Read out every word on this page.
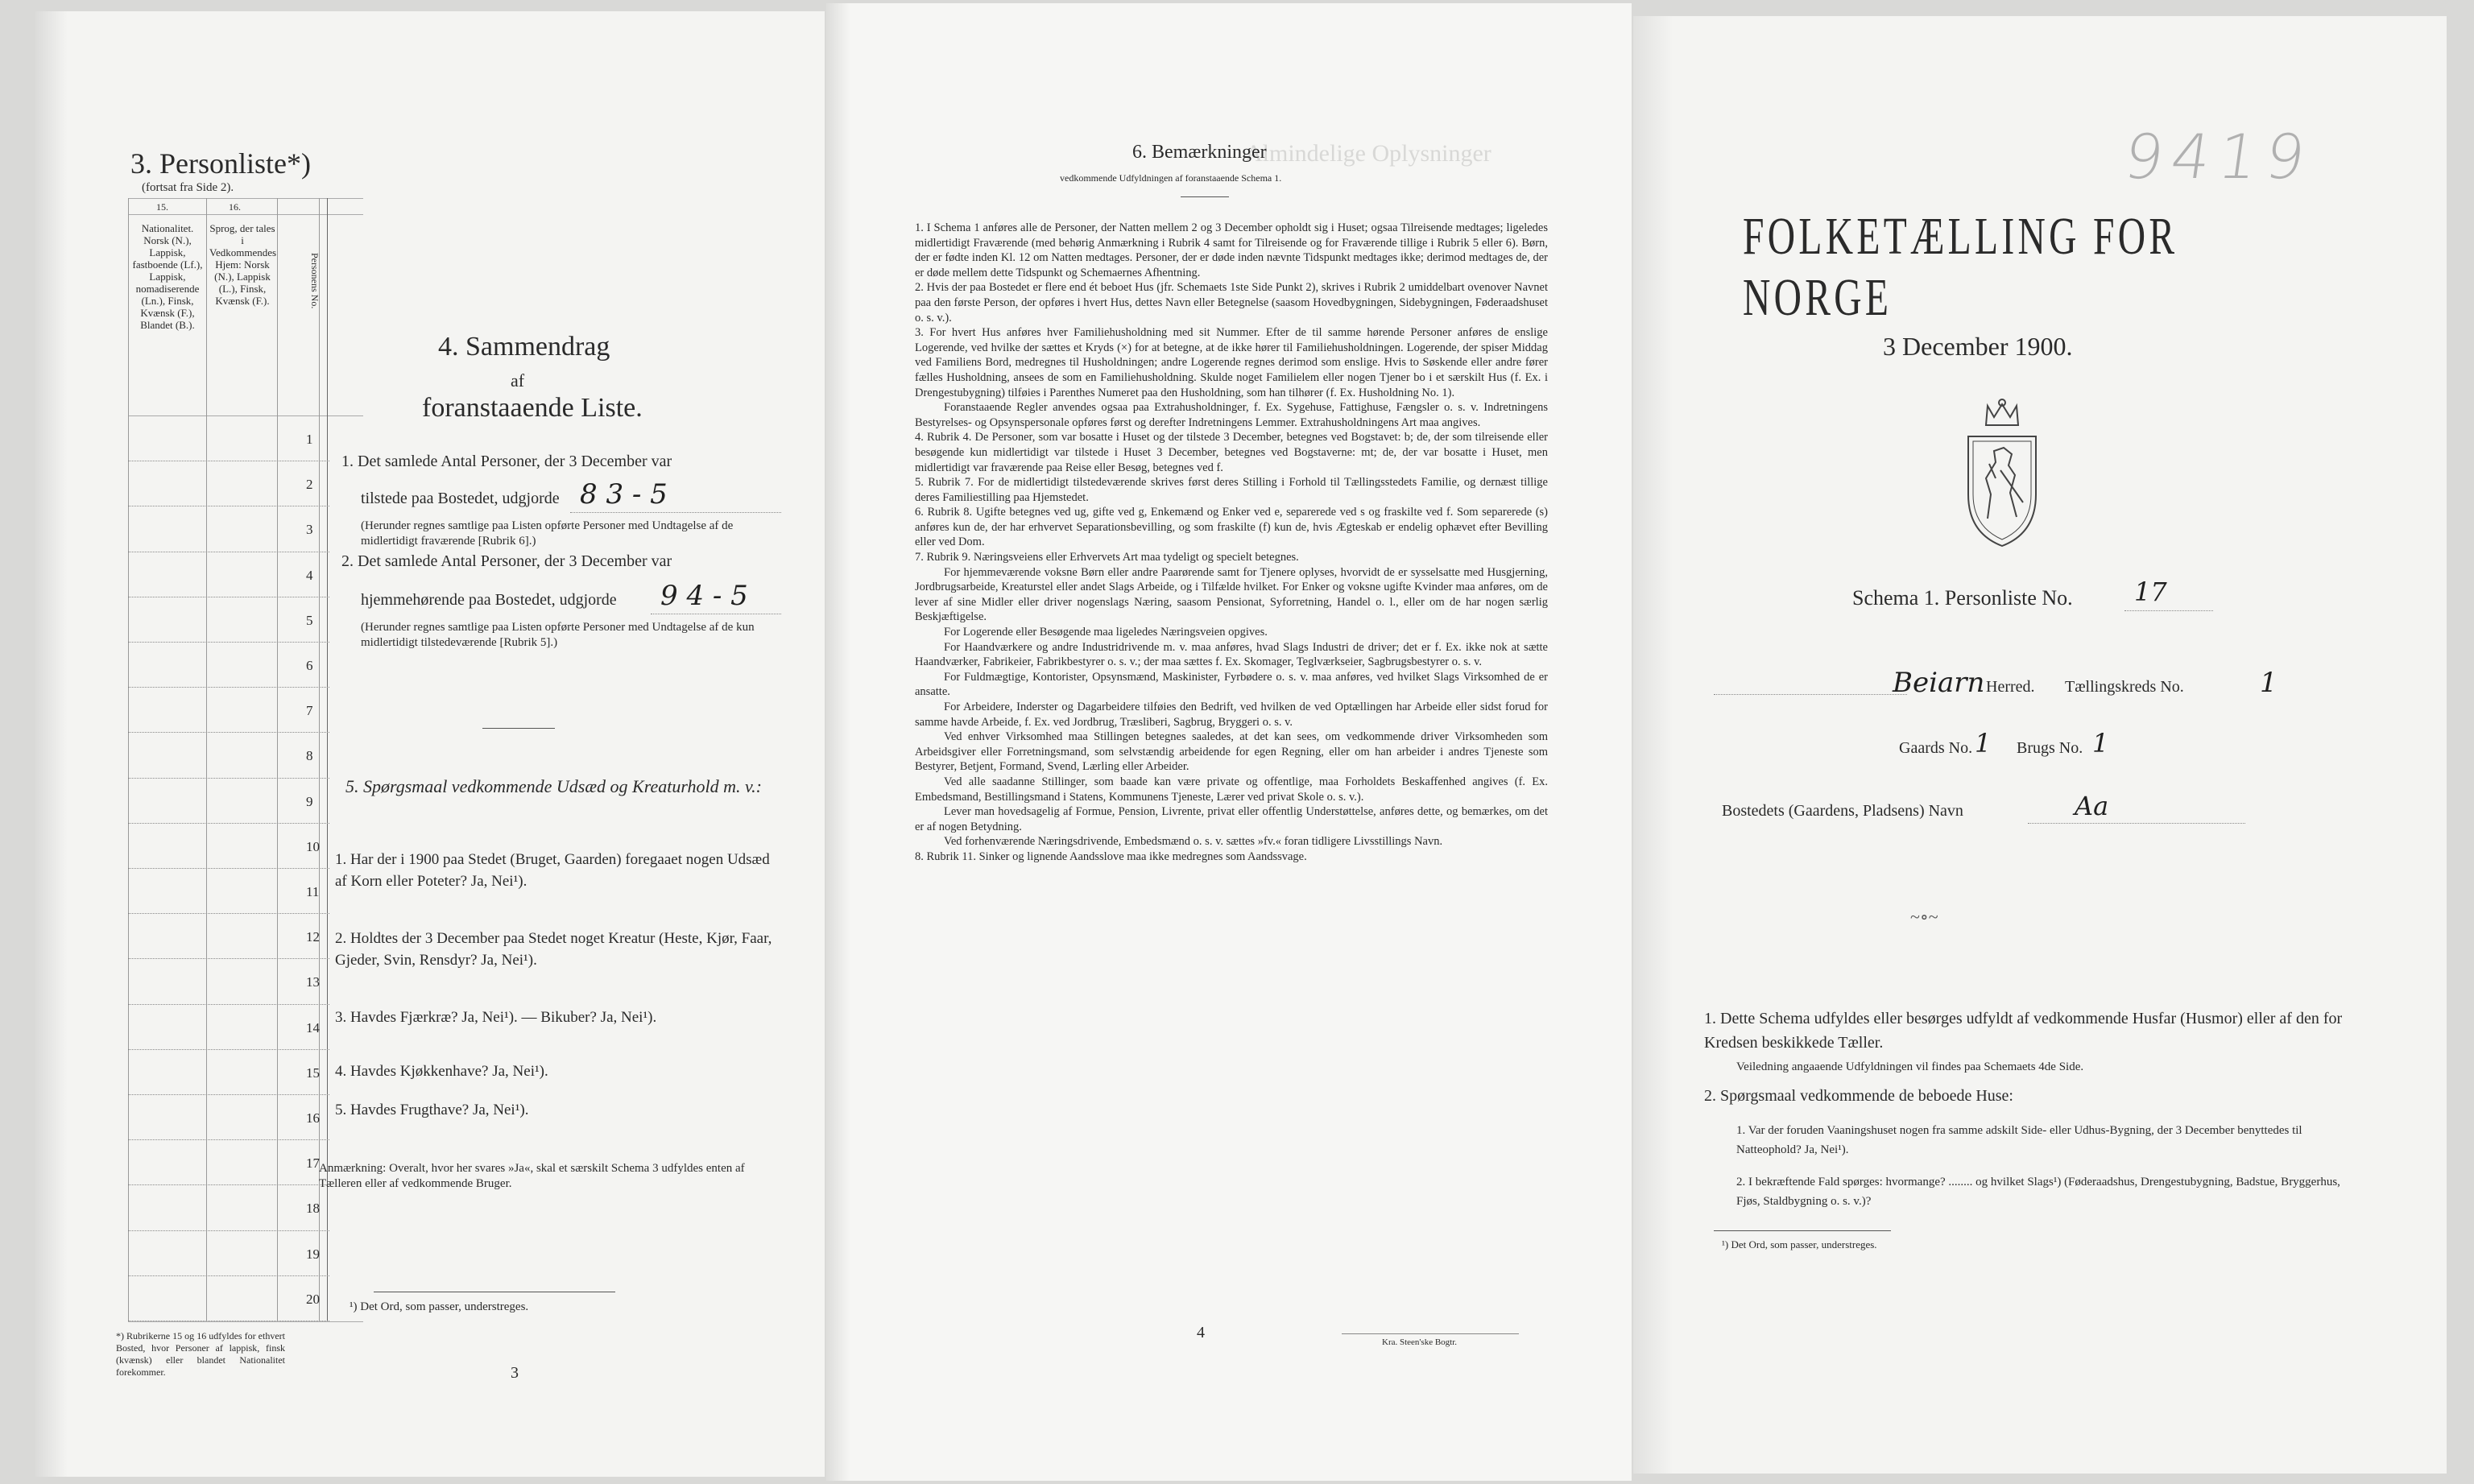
3. Personliste*)
(fortsat fra Side 2).
15.	16.
Nationalitet. Norsk (N.), Lappisk, fastboende (Lf.), Lappisk, nomadiserende (Ln.), Finsk, Kvænsk (F.), Blandet (B.).
Sprog, der tales i Vedkommendes Hjem: Norsk (N.), Lappisk (L.), Finsk, Kvænsk (F.).	Personens No.
1
2
3
4
5
6
7
8
9
10
11
12
13
14
15
16
17
18
19
20
*) Rubrikerne 15 og 16 udfyldes for ethvert Bosted, hvor Personer af lappisk, finsk (kvænsk) eller blandet Nationalitet forekommer.	3
4. Sammendrag
af
foranstaaende Liste.
1. Det samlede Antal Personer, der 3 December var
tilstede paa Bostedet, udgjorde 8 3 - 5
(Herunder regnes samtlige paa Listen opførte Personer med Undtagelse af de midlertidigt fraværende [Rubrik 6].)
2. Det samlede Antal Personer, der 3 December var
hjemmehørende paa Bostedet, udgjorde 9 4 - 5
(Herunder regnes samtlige paa Listen opførte Personer med Undtagelse af de kun midlertidigt tilstedeværende [Rubrik 5].)
5. Spørgsmaal vedkommende Udsæd og Kreaturhold m. v.:
1. Har der i 1900 paa Stedet (Bruget, Gaarden) foregaaet nogen Udsæd af Korn eller Poteter? Ja, Nei¹).
2. Holdtes der 3 December paa Stedet noget Kreatur (Heste, Kjør, Faar, Gjeder, Svin, Rensdyr? Ja, Nei¹).
3. Havdes Fjærkræ? Ja, Nei¹). — Bikuber? Ja, Nei¹).
4. Havdes Kjøkkenhave? Ja, Nei¹).
5. Havdes Frugthave? Ja, Nei¹).
Anmærkning: Overalt, hvor her svares »Ja«, skal et særskilt Schema 3 udfyldes enten af Tælleren eller af vedkommende Bruger.
¹) Det Ord, som passer, understreges.
Almindelige Oplysninger
6. Bemærkninger
vedkommende Udfyldningen af foranstaaende Schema 1.

1. I Schema 1 anføres alle de Personer, der Natten mellem 2 og 3 December opholdt sig i Huset; ogsaa Tilreisende medtages; ligeledes midlertidigt Fraværende (med behørig Anmærkning i Rubrik 4 samt for Tilreisende og for Fraværende tillige i Rubrik 5 eller 6). Børn, der er fødte inden Kl. 12 om Natten medtages. Personer, der er døde inden nævnte Tidspunkt medtages ikke; derimod medtages de, der er døde mellem dette Tidspunkt og Schemaernes Afhentning.

2. Hvis der paa Bostedet er flere end ét beboet Hus (jfr. Schemaets 1ste Side Punkt 2), skrives i Rubrik 2 umiddelbart ovenover Navnet paa den første Person, der opføres i hvert Hus, dettes Navn eller Betegnelse (saasom Hovedbygningen, Sidebygningen, Føderaadshuset o. s. v.).

3. For hvert Hus anføres hver Familiehusholdning med sit Nummer. Efter de til samme hørende Personer anføres de enslige Logerende, ved hvilke der sættes et Kryds (×) for at betegne, at de ikke hører til Familiehusholdningen. Logerende, der spiser Middag ved Familiens Bord, medregnes til Husholdningen; andre Logerende regnes derimod som enslige. Hvis to Søskende eller andre fører fælles Husholdning, ansees de som en Familiehusholdning. Skulde noget Familielem eller nogen Tjener bo i et særskilt Hus (f. Ex. i Drengestubygning) tilføies i Parenthes Numeret paa den Husholdning, som han tilhører (f. Ex. Husholdning No. 1).

Foranstaaende Regler anvendes ogsaa paa Extrahusholdninger, f. Ex. Sygehuse, Fattighuse, Fængsler o. s. v. Indretningens Bestyrelses- og Opsynspersonale opføres først og derefter Indretningens Lemmer. Extrahusholdningens Art maa angives.

4. Rubrik 4. De Personer, som var bosatte i Huset og der tilstede 3 December, betegnes ved Bogstavet: b; de, der som tilreisende eller besøgende kun midlertidigt var tilstede i Huset 3 December, betegnes ved Bogstaverne: mt; de, der var bosatte i Huset, men midlertidigt var fraværende paa Reise eller Besøg, betegnes ved f.

5. Rubrik 7. For de midlertidigt tilstedeværende skrives først deres Stilling i Forhold til Tællingsstedets Familie, og dernæst tillige deres Familiestilling paa Hjemstedet.

6. Rubrik 8. Ugifte betegnes ved ug, gifte ved g, Enkemænd og Enker ved e, separerede ved s og fraskilte ved f. Som separerede (s) anføres kun de, der har erhvervet Separationsbevilling, og som fraskilte (f) kun de, hvis Ægteskab er endelig ophævet efter Bevilling eller ved Dom.

7. Rubrik 9. Næringsveiens eller Erhvervets Art maa tydeligt og specielt betegnes.

For hjemmeværende voksne Børn eller andre Paarørende samt for Tjenere oplyses, hvorvidt de er sysselsatte med Husgjerning, Jordbrugsarbeide, Kreaturstel eller andet Slags Arbeide, og i Tilfælde hvilket. For Enker og voksne ugifte Kvinder maa anføres, om de lever af sine Midler eller driver nogenslags Næring, saasom Pensionat, Syforretning, Handel o. l., eller om de har nogen særlig Beskjæftigelse.

For Logerende eller Besøgende maa ligeledes Næringsveien opgives.

For Haandværkere og andre Industridrivende m. v. maa anføres, hvad Slags Industri de driver; det er f. Ex. ikke nok at sætte Haandværker, Fabrikeier, Fabrikbestyrer o. s. v.; der maa sættes f. Ex. Skomager, Teglværkseier, Sagbrugsbestyrer o. s. v.

For Fuldmægtige, Kontorister, Opsynsmænd, Maskinister, Fyrbødere o. s. v. maa anføres, ved hvilket Slags Virksomhed de er ansatte.

For Arbeidere, Inderster og Dagarbeidere tilføies den Bedrift, ved hvilken de ved Optællingen har Arbeide eller sidst forud for samme havde Arbeide, f. Ex. ved Jordbrug, Træsliberi, Sagbrug, Bryggeri o. s. v.

Ved enhver Virksomhed maa Stillingen betegnes saaledes, at det kan sees, om vedkommende driver Virksomheden som Arbeidsgiver eller Forretningsmand, som selvstændig arbeidende for egen Regning, eller om han arbeider i andres Tjeneste som Bestyrer, Betjent, Formand, Svend, Lærling eller Arbeider.

Ved alle saadanne Stillinger, som baade kan være private og offentlige, maa Forholdets Beskaffenhed angives (f. Ex. Embedsmand, Bestillingsmand i Statens, Kommunens Tjeneste, Lærer ved privat Skole o. s. v.).

Lever man hovedsagelig af Formue, Pension, Livrente, privat eller offentlig Understøttelse, anføres dette, og bemærkes, om det er af nogen Betydning.

Ved forhenværende Næringsdrivende, Embedsmænd o. s. v. sættes »fv.« foran tidligere Livsstillings Navn.

8. Rubrik 11. Sinker og lignende Aandsslove maa ikke medregnes som Aandssvage.

4
Kra. Steen'ske Bogtr.
9419
FOLKETÆLLING FOR NORGE
3 December 1900.
Schema 1. Personliste No. 17
Beiarn Herred. Tællingskreds No.	1
Gaards No. 1 Brugs No. 1
Bostedets (Gaardens, Pladsens) Navn	Aa
~∘~
1. Dette Schema udfyldes eller besørges udfyldt af vedkommende Husfar (Husmor) eller af den for Kredsen beskikkede Tæller.
Veiledning angaaende Udfyldningen vil findes paa Schemaets 4de Side.
2. Spørgsmaal vedkommende de beboede Huse:
1. Var der foruden Vaaningshuset nogen fra samme adskilt Side- eller Udhus-Bygning, der 3 December benyttedes til Natteophold? Ja, Nei¹).
2. I bekræftende Fald spørges: hvormange? ........ og hvilket Slags¹) (Føderaadshus, Drengestubygning, Badstue, Bryggerhus, Fjøs, Staldbygning o. s. v.)?
¹) Det Ord, som passer, understreges.
